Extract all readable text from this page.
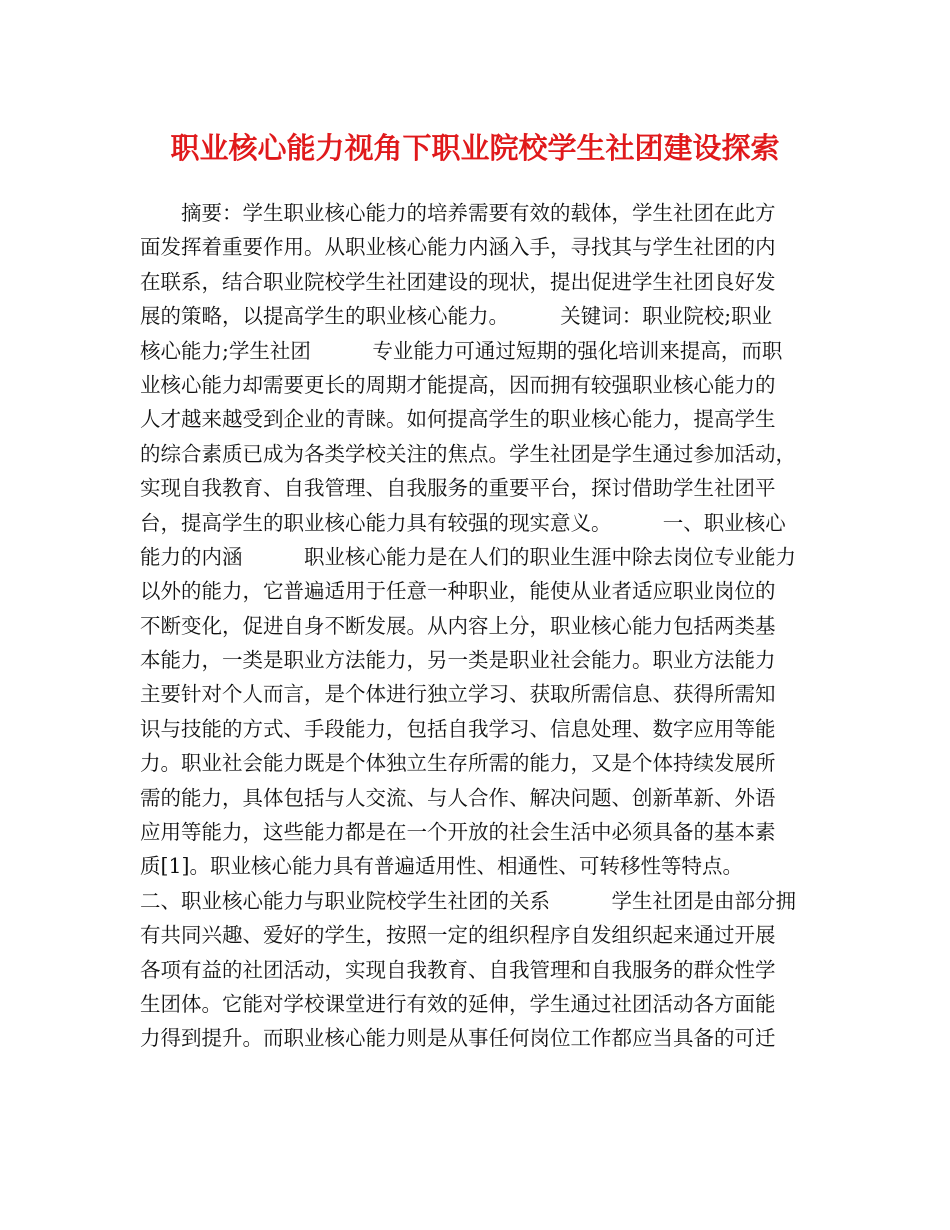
职业核心能力视角下职业院校学生社团建设探索
　　摘要：学生职业核心能力的培养需要有效的载体，学生社团在此方
面发挥着重要作用。从职业核心能力内涵入手，寻找其与学生社团的内
在联系，结合职业院校学生社团建设的现状，提出促进学生社团良好发
展的策略，以提高学生的职业核心能力。　　　关键词：职业院校;职业
核心能力;学生社团　　　专业能力可通过短期的强化培训来提高，而职
业核心能力却需要更长的周期才能提高，因而拥有较强职业核心能力的
人才越来越受到企业的青睐。如何提高学生的职业核心能力，提高学生
的综合素质已成为各类学校关注的焦点。学生社团是学生通过参加活动，
实现自我教育、自我管理、自我服务的重要平台，探讨借助学生社团平
台，提高学生的职业核心能力具有较强的现实意义。　　　一、职业核心
能力的内涵　　　职业核心能力是在人们的职业生涯中除去岗位专业能力
以外的能力，它普遍适用于任意一种职业，能使从业者适应职业岗位的
不断变化，促进自身不断发展。从内容上分，职业核心能力包括两类基
本能力，一类是职业方法能力，另一类是职业社会能力。职业方法能力
主要针对个人而言，是个体进行独立学习、获取所需信息、获得所需知
识与技能的方式、手段能力，包括自我学习、信息处理、数字应用等能
力。职业社会能力既是个体独立生存所需的能力，又是个体持续发展所
需的能力，具体包括与人交流、与人合作、解决问题、创新革新、外语
应用等能力，这些能力都是在一个开放的社会生活中必须具备的基本素
质[1]。职业核心能力具有普遍适用性、相通性、可转移性等特点。
二、职业核心能力与职业院校学生社团的关系　　　学生社团是由部分拥
有共同兴趣、爱好的学生，按照一定的组织程序自发组织起来通过开展
各项有益的社团活动，实现自我教育、自我管理和自我服务的群众性学
生团体。它能对学校课堂进行有效的延伸，学生通过社团活动各方面能
力得到提升。而职业核心能力则是从事任何岗位工作都应当具备的可迁
